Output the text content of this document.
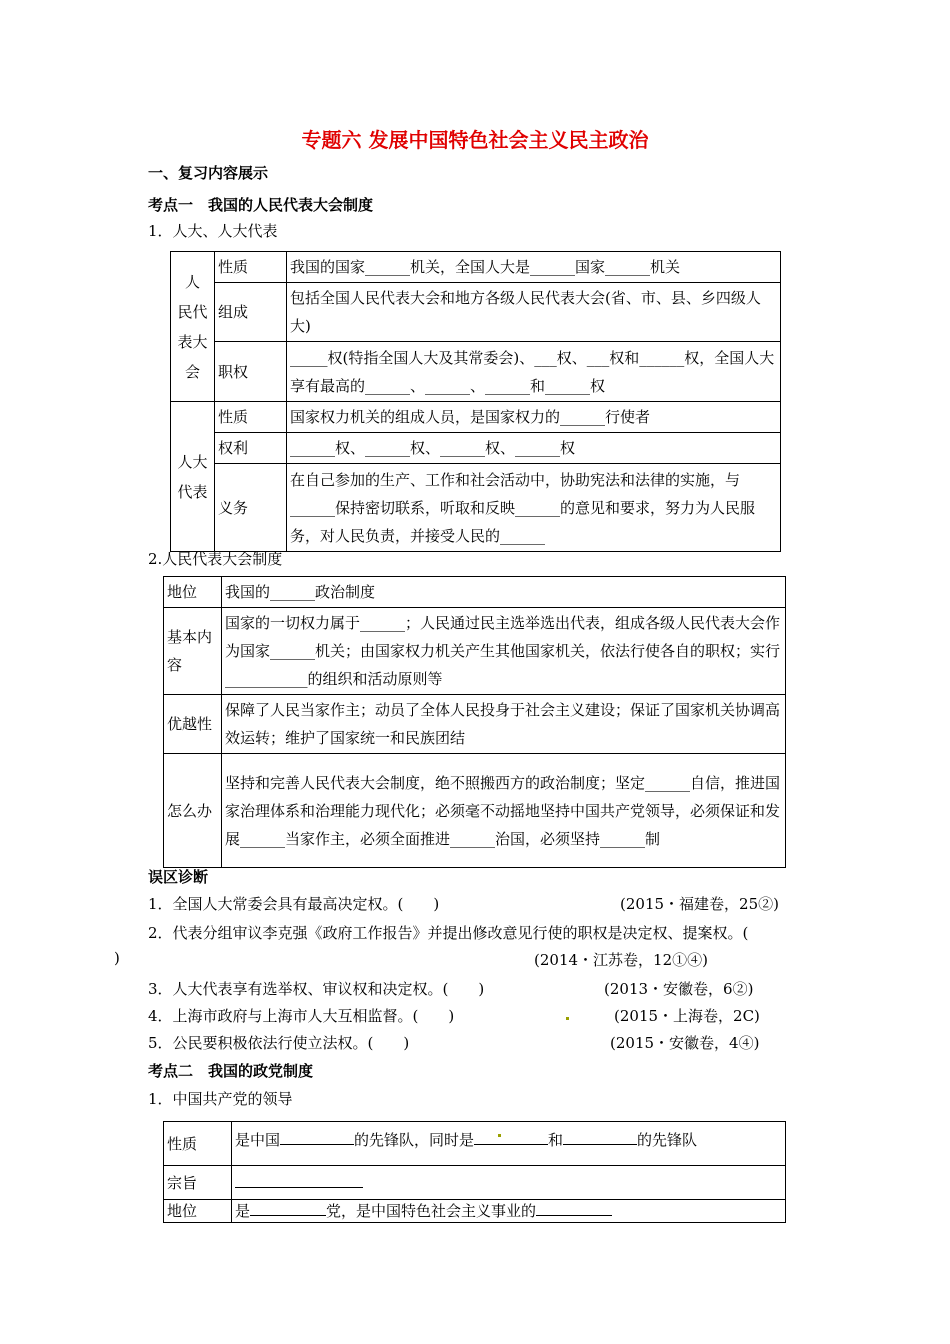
专题六 发展中国特色社会主义民主政治
一、复习内容展示
考点一　我国的人民代表大会制度
1．人大、人大代表
人　民代　表大会	性质	我国的国家______机关，全国人大是______国家______机关
	组成	包括全国人民代表大会和地方各级人民代表大会(省、市、县、乡四级人大)
	职权	_____权(特指全国人大及其常委会)、___权、___权和______权，全国人大享有最高的______、______、______和______权
人大代表	性质	国家权力机关的组成人员，是国家权力的______行使者
	权利	______权、______权、______权、______权
	义务	在自己参加的生产、工作和社会活动中，协助宪法和法律的实施，与______保持密切联系，听取和反映______的意见和要求，努力为人民服务，对人民负责，并接受人民的______
2.人民代表大会制度
地位	我国的______政治制度
基本内容	国家的一切权力属于______；人民通过民主选举选出代表，组成各级人民代表大会作为国家______机关；由国家权力机关产生其他国家机关，依法行使各自的职权；实行___________的组织和活动原则等
优越性	保障了人民当家作主；动员了全体人民投身于社会主义建设；保证了国家机关协调高效运转；维护了国家统一和民族团结
怎么办	坚持和完善人民代表大会制度，绝不照搬西方的政治制度；坚定______自信，推进国家治理体系和治理能力现代化；必须毫不动摇地坚持中国共产党领导，必须保证和发展______当家作主，必须全面推进______治国，必须坚持______制
误区诊断
1．全国人大常委会具有最高决定权。(　　)	(2015・福建卷，25②)
2．代表分组审议李克强《政府工作报告》并提出修改意见行使的职权是决定权、提案权。(
)	(2014・江苏卷，12①④)
3．人大代表享有选举权、审议权和决定权。(　　)	(2013・安徽卷，6②)
4．上海市政府与上海市人大互相监督。(　　)	(2015・上海卷，2C)
5．公民要积极依法行使立法权。(　　)	(2015・安徽卷，4④)
考点二　我国的政党制度
1．中国共产党的领导
性质	是中国 的先锋队，同时是 和 的先锋队
宗旨	
地位	是 党，是中国特色社会主义事业的
